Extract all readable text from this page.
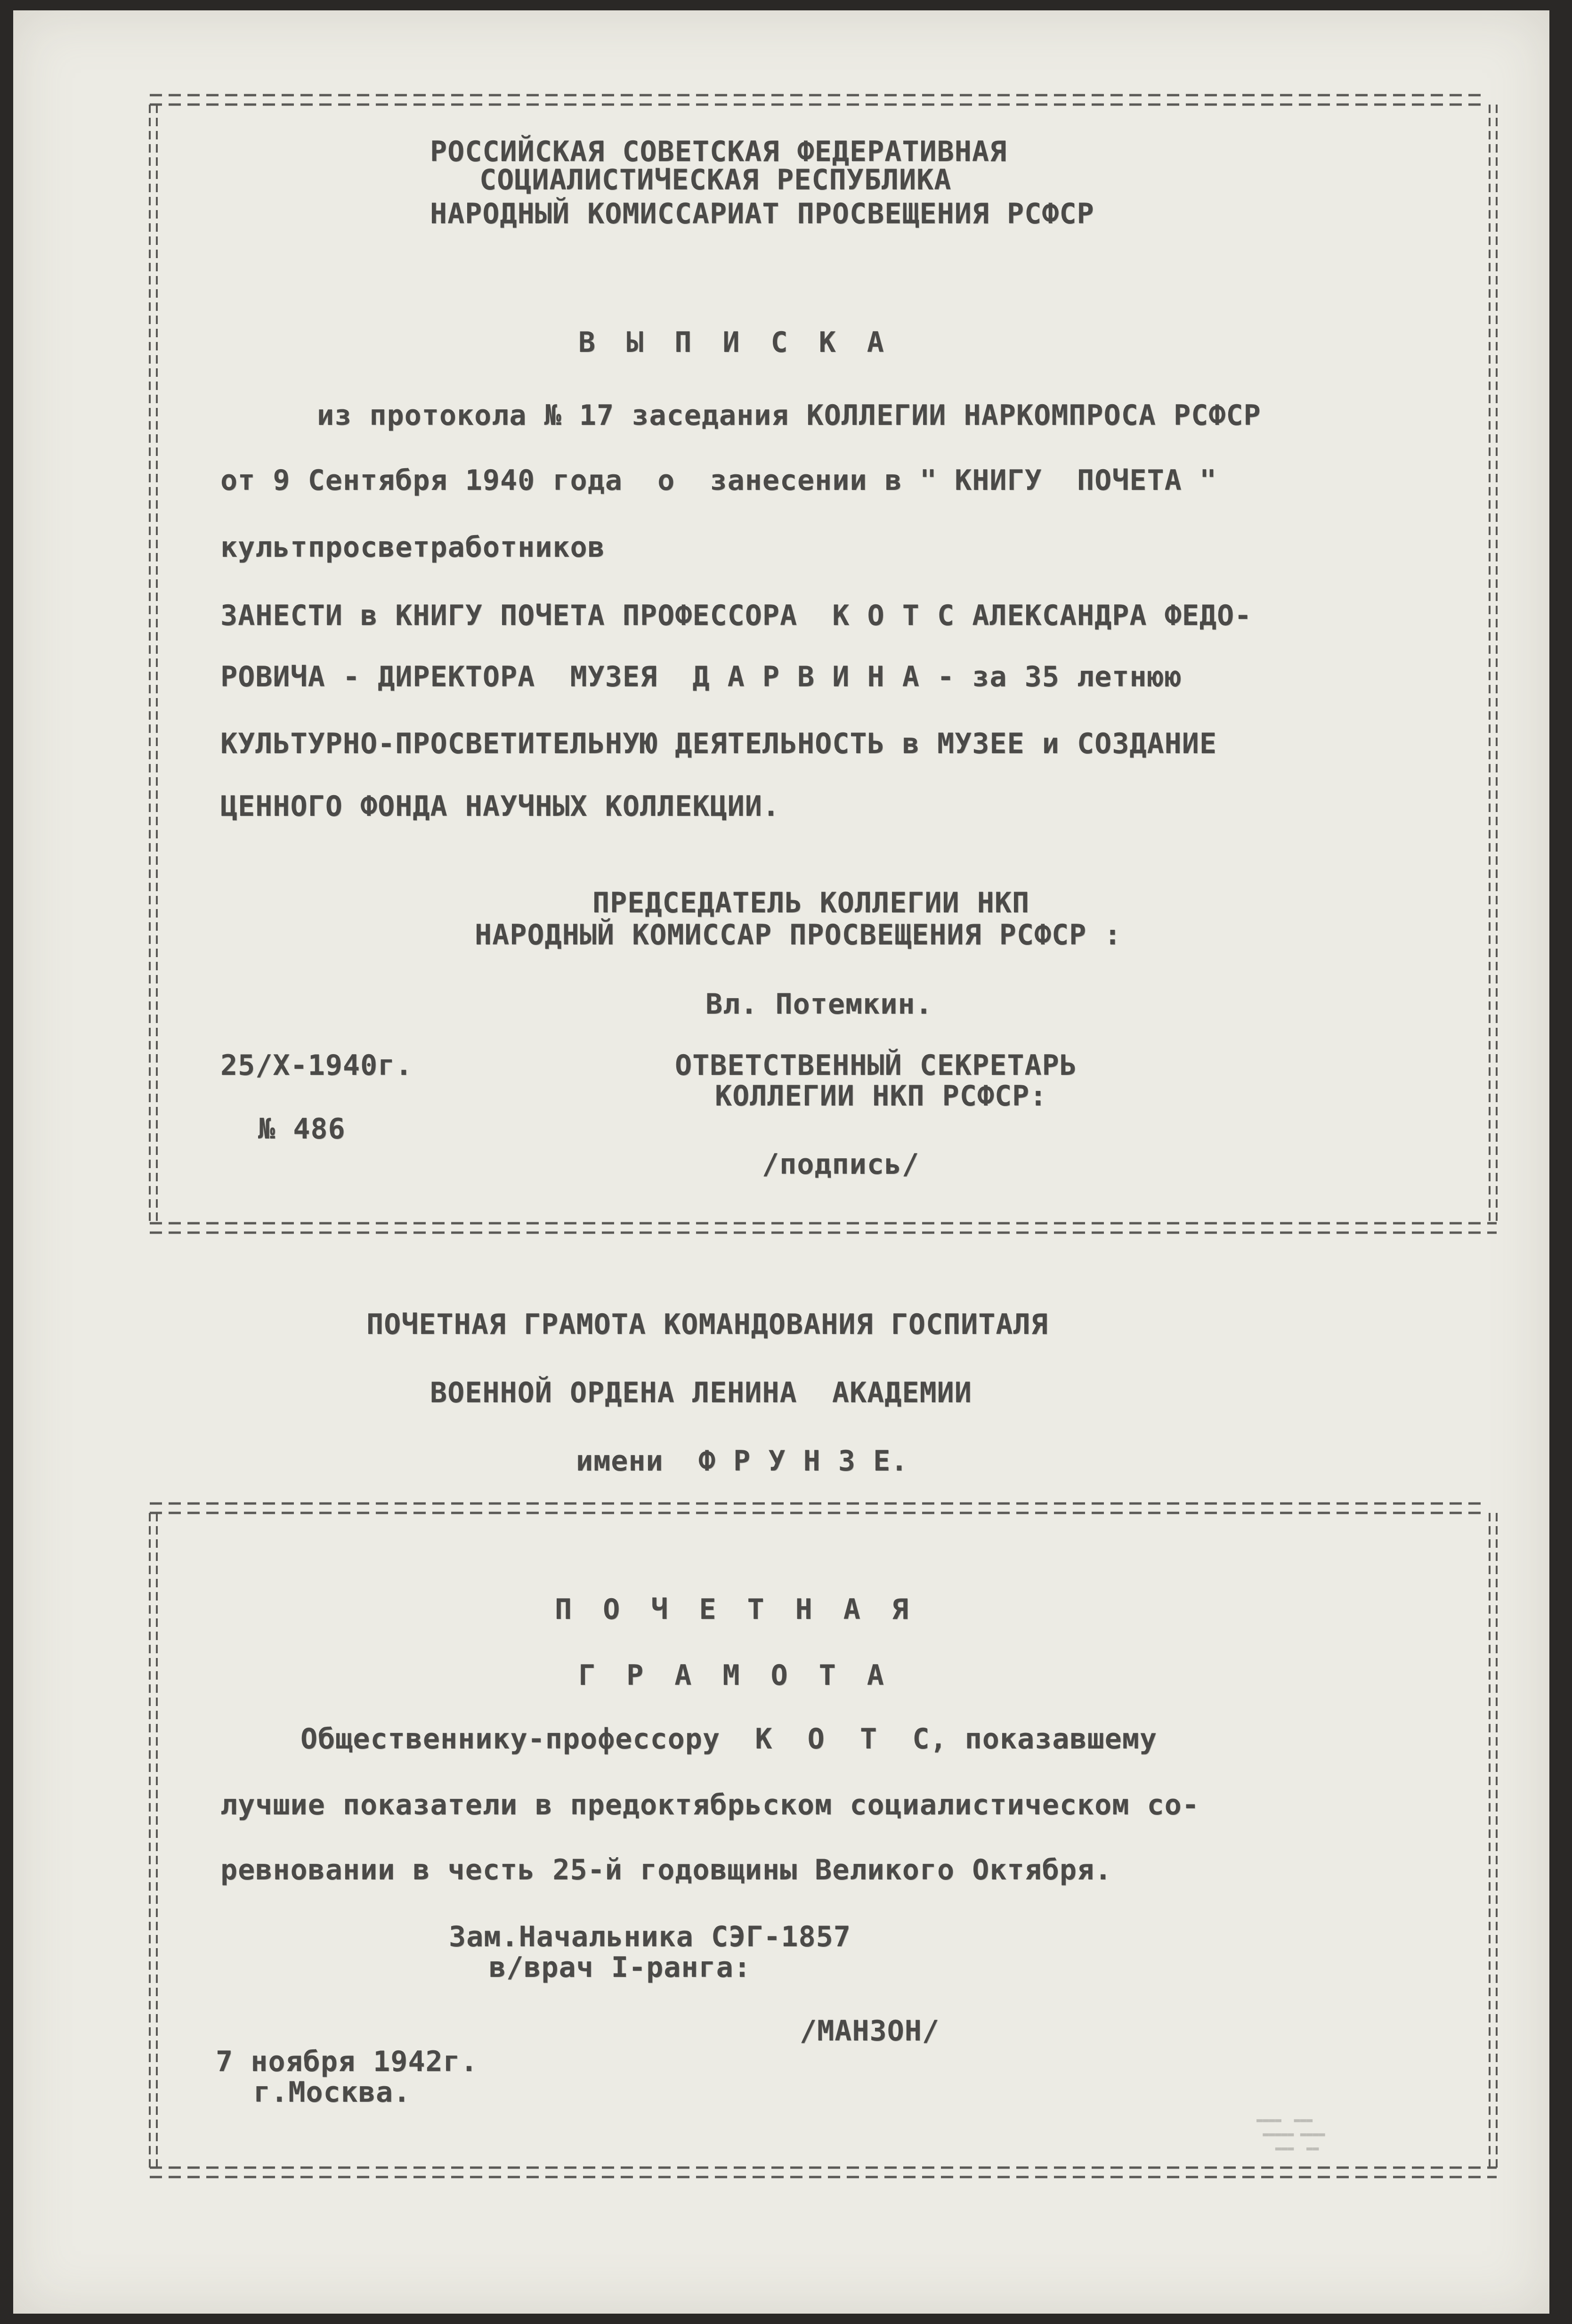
РОССИЙСКАЯ СОВЕТСКАЯ ФЕДЕРАТИВНАЯ
СОЦИАЛИСТИЧЕСКАЯ РЕСПУБЛИКА
НАРОДНЫЙ КОМИССАРИАТ ПРОСВЕЩЕНИЯ РСФСР
ВЫПИСКА
из протокола № 17 заседания КОЛЛЕГИИ НАРКОМПРОСА РСФСР
от 9 Сентября 1940 года  о  занесении в " КНИГУ  ПОЧЕТА "
культпросветработников
ЗАНЕСТИ в КНИГУ ПОЧЕТА ПРОФЕССОРА  К О Т С АЛЕКСАНДРА ФЕДО-
РОВИЧА - ДИРЕКТОРА  МУЗЕЯ  Д А Р В И Н А - за 35 летнюю
КУЛЬТУРНО-ПРОСВЕТИТЕЛЬНУЮ ДЕЯТЕЛЬНОСТЬ в МУЗЕЕ и СОЗДАНИЕ
ЦЕННОГО ФОНДА НАУЧНЫХ КОЛЛЕКЦИИ.
ПРЕДСЕДАТЕЛЬ КОЛЛЕГИИ НКП
НАРОДНЫЙ КОМИССАР ПРОСВЕЩЕНИЯ РСФСР :
Вл. Потемкин.
25/X-1940г.	ОТВЕТСТВЕННЫЙ СЕКРЕТАРЬ
КОЛЛЕГИИ НКП РСФСР:
№ 486
/подпись/
ПОЧЕТНАЯ ГРАМОТА КОМАНДОВАНИЯ ГОСПИТАЛЯ
ВОЕННОЙ ОРДЕНА ЛЕНИНА  АКАДЕМИИ
имени  Ф Р У Н З Е.
ПОЧЕТНАЯ
ГРАМОТА
Общественнику-профессору  К  О  Т  С, показавшему
лучшие показатели в предоктябрьском социалистическом со-
ревновании в честь 25-й годовщины Великого Октября.
Зам.Начальника СЭГ-1857
в/врач I-ранга:
/МАНЗОН/
7 ноября 1942г.
г.Москва.
▬▬▬▬  ▬▬▬
▬▬▬▬▬ ▬▬▬▬
▬▬▬  ▬▬
